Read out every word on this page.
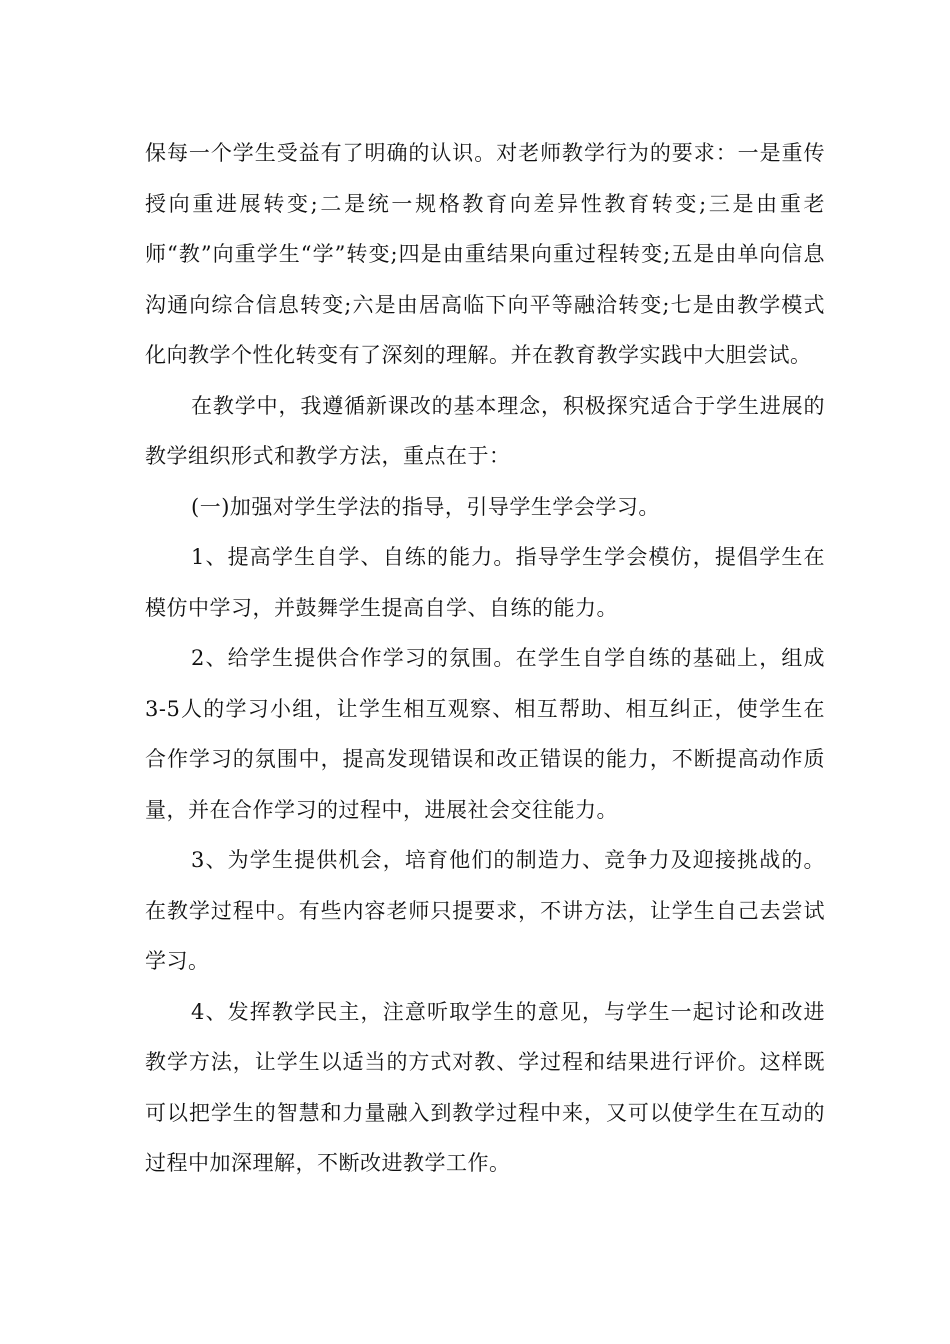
保每一个学生受益有了明确的认识。对老师教学行为的要求：一是重传授向重进展转变;二是统一规格教育向差异性教育转变;三是由重老师“教”向重学生“学”转变;四是由重结果向重过程转变;五是由单向信息沟通向综合信息转变;六是由居高临下向平等融洽转变;七是由教学模式化向教学个性化转变有了深刻的理解。并在教育教学实践中大胆尝试。

在教学中，我遵循新课改的基本理念，积极探究适合于学生进展的教学组织形式和教学方法，重点在于：

(一)加强对学生学法的指导，引导学生学会学习。

1、提高学生自学、自练的能力。指导学生学会模仿，提倡学生在模仿中学习，并鼓舞学生提高自学、自练的能力。

2、给学生提供合作学习的氛围。在学生自学自练的基础上，组成3-5人的学习小组，让学生相互观察、相互帮助、相互纠正，使学生在合作学习的氛围中，提高发现错误和改正错误的能力，不断提高动作质量，并在合作学习的过程中，进展社会交往能力。

3、为学生提供机会，培育他们的制造力、竞争力及迎接挑战的。在教学过程中。有些内容老师只提要求，不讲方法，让学生自己去尝试学习。

4、发挥教学民主，注意听取学生的意见，与学生一起讨论和改进教学方法，让学生以适当的方式对教、学过程和结果进行评价。这样既可以把学生的智慧和力量融入到教学过程中来，又可以使学生在互动的过程中加深理解，不断改进教学工作。
